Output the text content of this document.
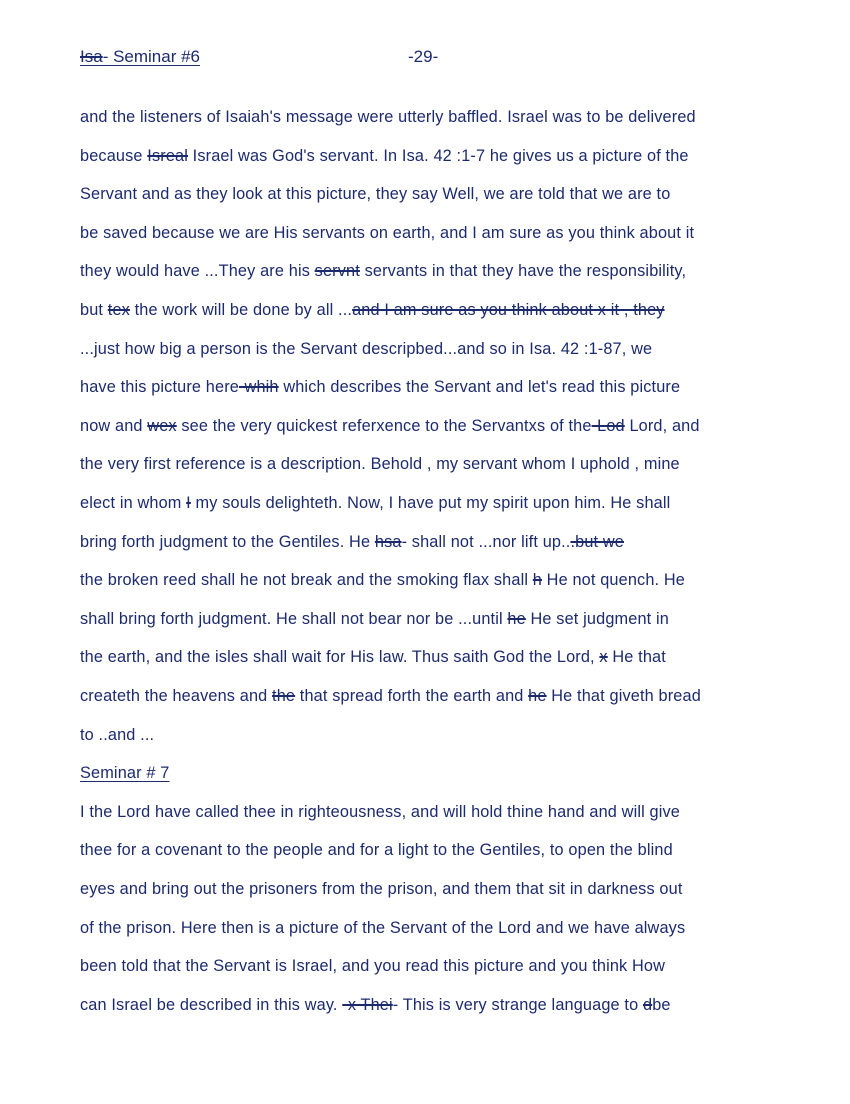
Isa- Seminar #6	-29-
and the listeners of Isaiah's message were utterly baffled. Israel was to be delivered
because Isreal Israel was God's servant. In Isa. 42 :1-7 he gives us a picture of the
Servant and as they look at this picture, they say Well, we are told that we are to
be saved because we are His servants on earth, and I am sure as you think about it
they would have ...They are his servnt servants in that they have the responsibility,
but tex the work will be done by all ...and I am sure as you think about x it , they
...just how big a person is the Servant descripbed...and so in Isa. 42 :1-87, we
have this picture here-whih which describes the Servant and let's read this picture
now and wex see the very quickest referxence to the Servantxs of the-Lod Lord, and
the very first reference is a description. Behold , my servant whom I uphold , mine
elect in whom I my souls delighteth. Now, I have put my spirit upon him. He shall
bring forth judgment to the Gentiles. He hsa- shall not ...nor lift up...but we
the broken reed shall he not break and the smoking flax shall h He not quench. He
shall bring forth judgment. He shall not bear nor be ...until he He set judgment in
the earth, and the isles shall wait for His law. Thus saith God the Lord, x He that
createth the heavens and the that spread forth the earth and he He that giveth bread
to ..and ...
Seminar # 7
I the Lord have called thee in righteousness, and will hold thine hand and will give
thee for a covenant to the people and for a light to the Gentiles, to open the blind
eyes and bring out the prisoners from the prison, and them that sit in darkness out
of the prison. Here then is a picture of the Servant of the Lord and we have always
been told that the Servant is Israel, and you read this picture and you think How
can Israel be described in this way. -x Thei- This is very strange language to dbe
